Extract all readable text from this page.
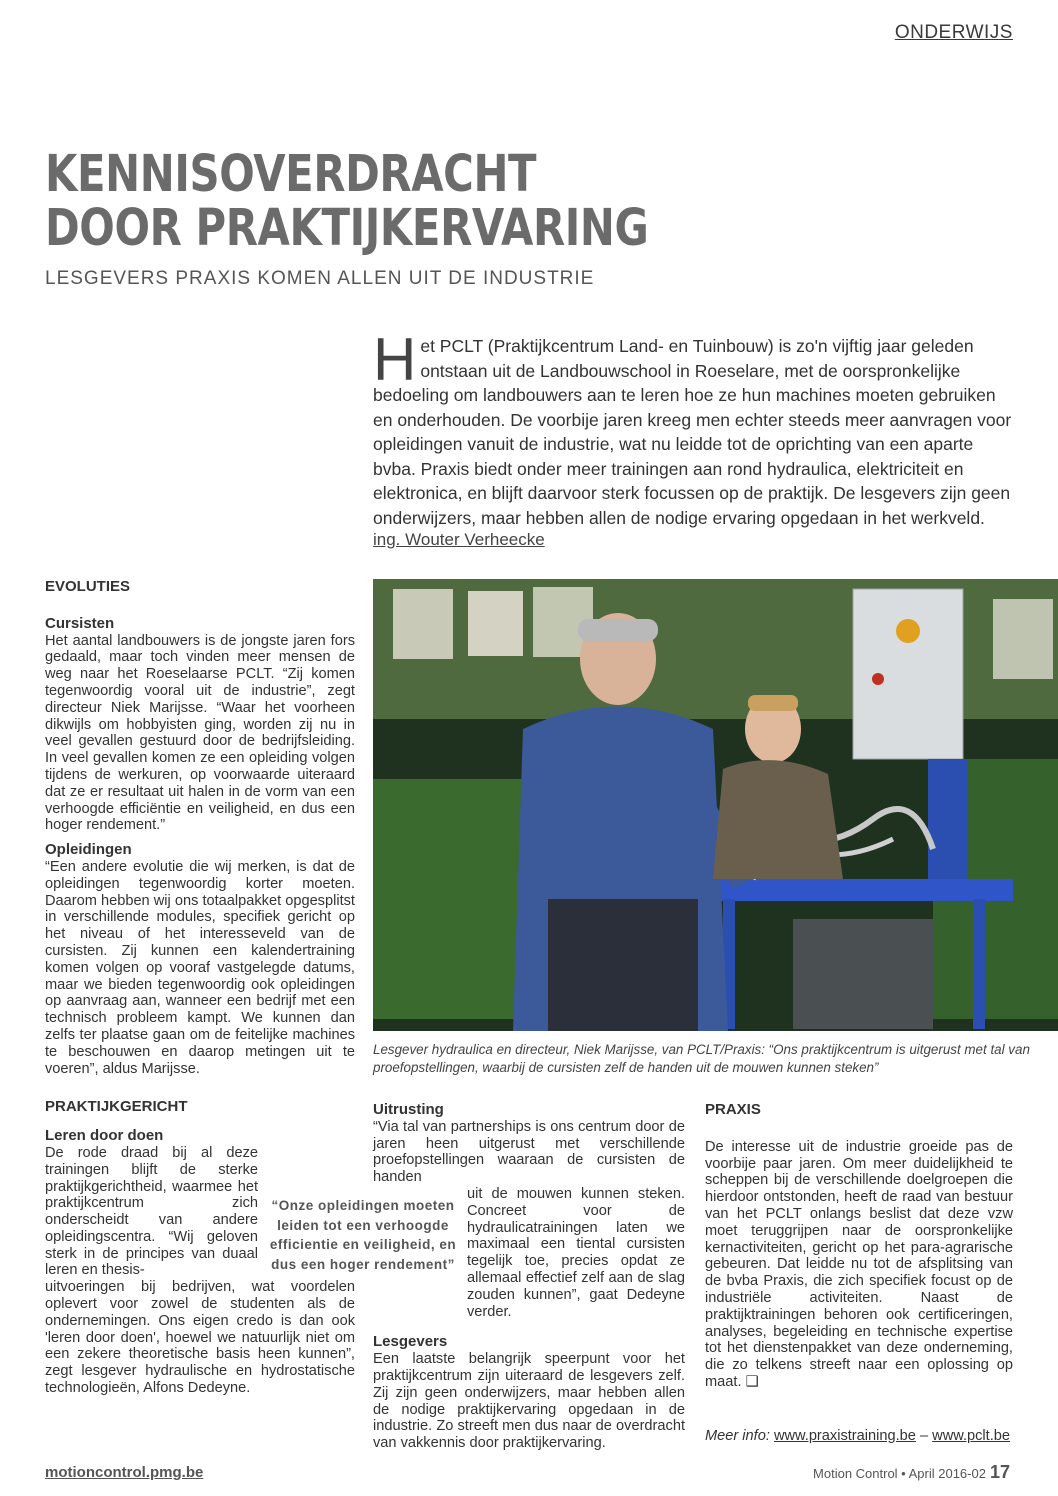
ONDERWIJS
KENNISOVERDRACHT
DOOR PRAKTIJKERVARING
LESGEVERS PRAXIS KOMEN ALLEN UIT DE INDUSTRIE
Het PCLT (Praktijkcentrum Land- en Tuinbouw) is zo'n vijftig jaar geleden ontstaan uit de Landbouwschool in Roeselare, met de oorspronkelijke bedoeling om landbouwers aan te leren hoe ze hun machines moeten gebruiken en onderhouden. De voorbije jaren kreeg men echter steeds meer aanvragen voor opleidingen vanuit de industrie, wat nu leidde tot de oprichting van een aparte bvba. Praxis biedt onder meer trainingen aan rond hydraulica, elektriciteit en elektronica, en blijft daarvoor sterk focussen op de praktijk. De lesgevers zijn geen onderwijzers, maar hebben allen de nodige ervaring opgedaan in het werkveld.
ing. Wouter Verheecke

EVOLUTIES

Cursisten

Het aantal landbouwers is de jongste jaren fors gedaald, maar toch vinden meer mensen de weg naar het Roeselaarse PCLT. “Zij komen tegenwoordig vooral uit de industrie”, zegt directeur Niek Marijsse. “Waar het voorheen dikwijls om hobbyisten ging, worden zij nu in veel gevallen gestuurd door de bedrijfsleiding. In veel gevallen komen ze een opleiding volgen tijdens de werkuren, op voorwaarde uiteraard dat ze er resultaat uit halen in de vorm van een verhoogde efficiëntie en veiligheid, en dus een hoger rendement.”

Opleidingen

“Een andere evolutie die wij merken, is dat de opleidingen tegenwoordig korter moeten. Daarom hebben wij ons totaalpakket opgesplitst in verschillende modules, specifiek gericht op het niveau of het interesseveld van de cursisten. Zij kunnen een kalendertraining komen volgen op vooraf vastgelegde datums, maar we bieden tegenwoordig ook opleidingen op aanvraag aan, wanneer een bedrijf met een technisch probleem kampt. We kunnen dan zelfs ter plaatse gaan om de feitelijke machines te beschouwen en daarop metingen uit te voeren”, aldus Marijsse.

PRAKTIJKGERICHT

Leren door doen

De rode draad bij al deze trainingen blijft de sterke praktijkgerichtheid, waarmee het praktijkcentrum zich onderscheidt van andere opleidingscentra. “Wij geloven sterk in de principes van duaal leren en thesis-

uitvoeringen bij bedrijven, wat voordelen oplevert voor zowel de studenten als de ondernemingen. Ons eigen credo is dan ook 'leren door doen', hoewel we natuurlijk niet om een zekere theoretische basis heen kunnen”, zegt lesgever hydraulische en hydrostatische technologieën, Alfons Dedeyne.

“Onze opleidingen moeten leiden tot een verhoogde efficientie en veiligheid, en dus een hoger rendement”
Lesgever hydraulica en directeur, Niek Marijsse, van PCLT/Praxis: “Ons praktijkcentrum is uitgerust met tal van proefopstellingen, waarbij de cursisten zelf de handen uit de mouwen kunnen steken”

Uitrusting

“Via tal van partnerships is ons centrum door de jaren heen uitgerust met verschillende proefopstellingen waaraan de cursisten de handen

uit de mouwen kunnen steken. Concreet voor de hydraulicatrainingen laten we maximaal een tiental cursisten tegelijk toe, precies opdat ze allemaal effectief zelf aan de slag zouden kunnen”, gaat Dedeyne verder.

Lesgevers

Een laatste belangrijk speerpunt voor het praktijkcentrum zijn uiteraard de lesgevers zelf. Zij zijn geen onderwijzers, maar hebben allen de nodige praktijkervaring opgedaan in de industrie. Zo streeft men dus naar de overdracht van vakkennis door praktijkervaring.

PRAXIS

De interesse uit de industrie groeide pas de voorbije paar jaren. Om meer duidelijkheid te scheppen bij de verschillende doelgroepen die hierdoor ontstonden, heeft de raad van bestuur van het PCLT onlangs beslist dat deze vzw moet teruggrijpen naar de oorspronkelijke kernactiviteiten, gericht op het para-agrarische gebeuren. Dat leidde nu tot de afsplitsing van de bvba Praxis, die zich specifiek focust op de industriële activiteiten. Naast de praktijktrainingen behoren ook certificeringen, analyses, begeleiding en technische expertise tot het dienstenpakket van deze onderneming, die zo telkens streeft naar een oplossing op maat. ❑

Meer info: www.praxistraining.be – www.pclt.be
motioncontrol.pmg.be	Motion Control • April 2016-02 17
